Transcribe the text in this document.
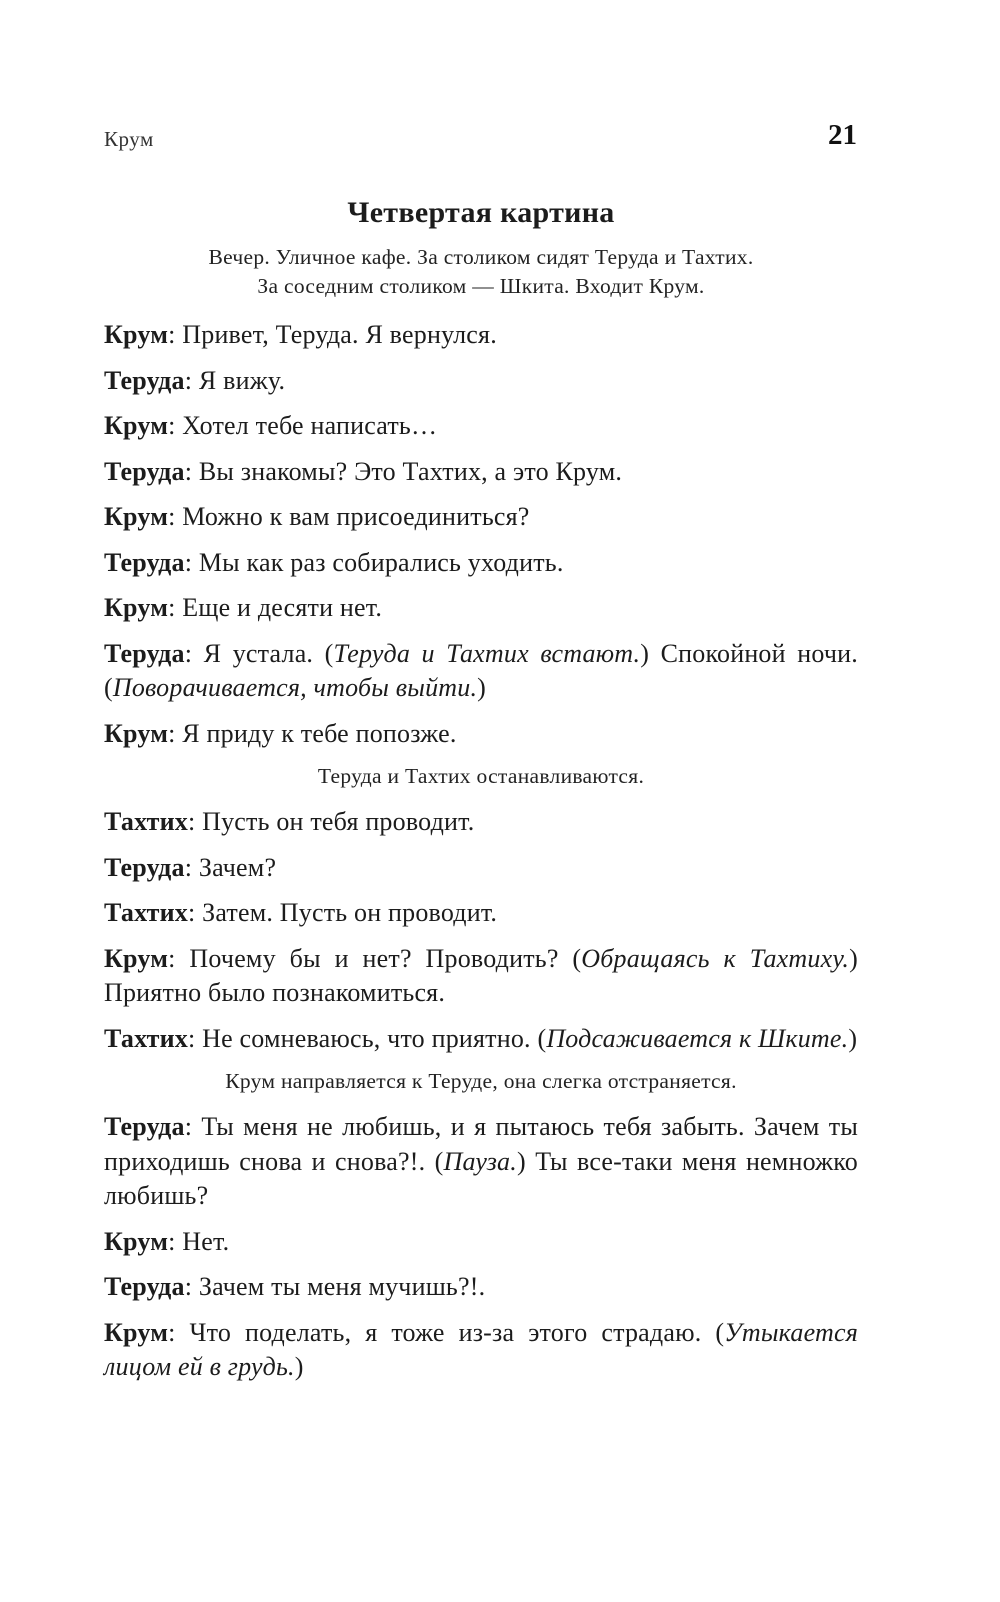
Крум	21
Четвертая картина
Вечер. Уличное кафе. За столиком сидят Теруда и Тахтих.
За соседним столиком — Шкита. Входит Крум.

Крум: Привет, Теруда. Я вернулся.

Теруда: Я вижу.

Крум: Хотел тебе написать…

Теруда: Вы знакомы? Это Тахтих, а это Крум.

Крум: Можно к вам присоединиться?

Теруда: Мы как раз собирались уходить.

Крум: Еще и десяти нет.

Теруда: Я устала. (Теруда и Тахтих встают.) Спокойной ночи. (Поворачивается, чтобы выйти.)

Крум: Я приду к тебе попозже.

Теруда и Тахтих останавливаются.

Тахтих: Пусть он тебя проводит.

Теруда: Зачем?

Тахтих: Затем. Пусть он проводит.

Крум: Почему бы и нет? Проводить? (Обращаясь к Тахтиху.) Приятно было познакомиться.

Тахтих: Не сомневаюсь, что приятно. (Подсаживается к Шките.)

Крум направляется к Теруде, она слегка отстраняется.

Теруда: Ты меня не любишь, и я пытаюсь тебя забыть. Зачем ты приходишь снова и снова?!. (Пауза.) Ты все-таки меня немножко любишь?

Крум: Нет.

Теруда: Зачем ты меня мучишь?!.

Крум: Что поделать, я тоже из-за этого страдаю. (Утыкается лицом ей в грудь.)
